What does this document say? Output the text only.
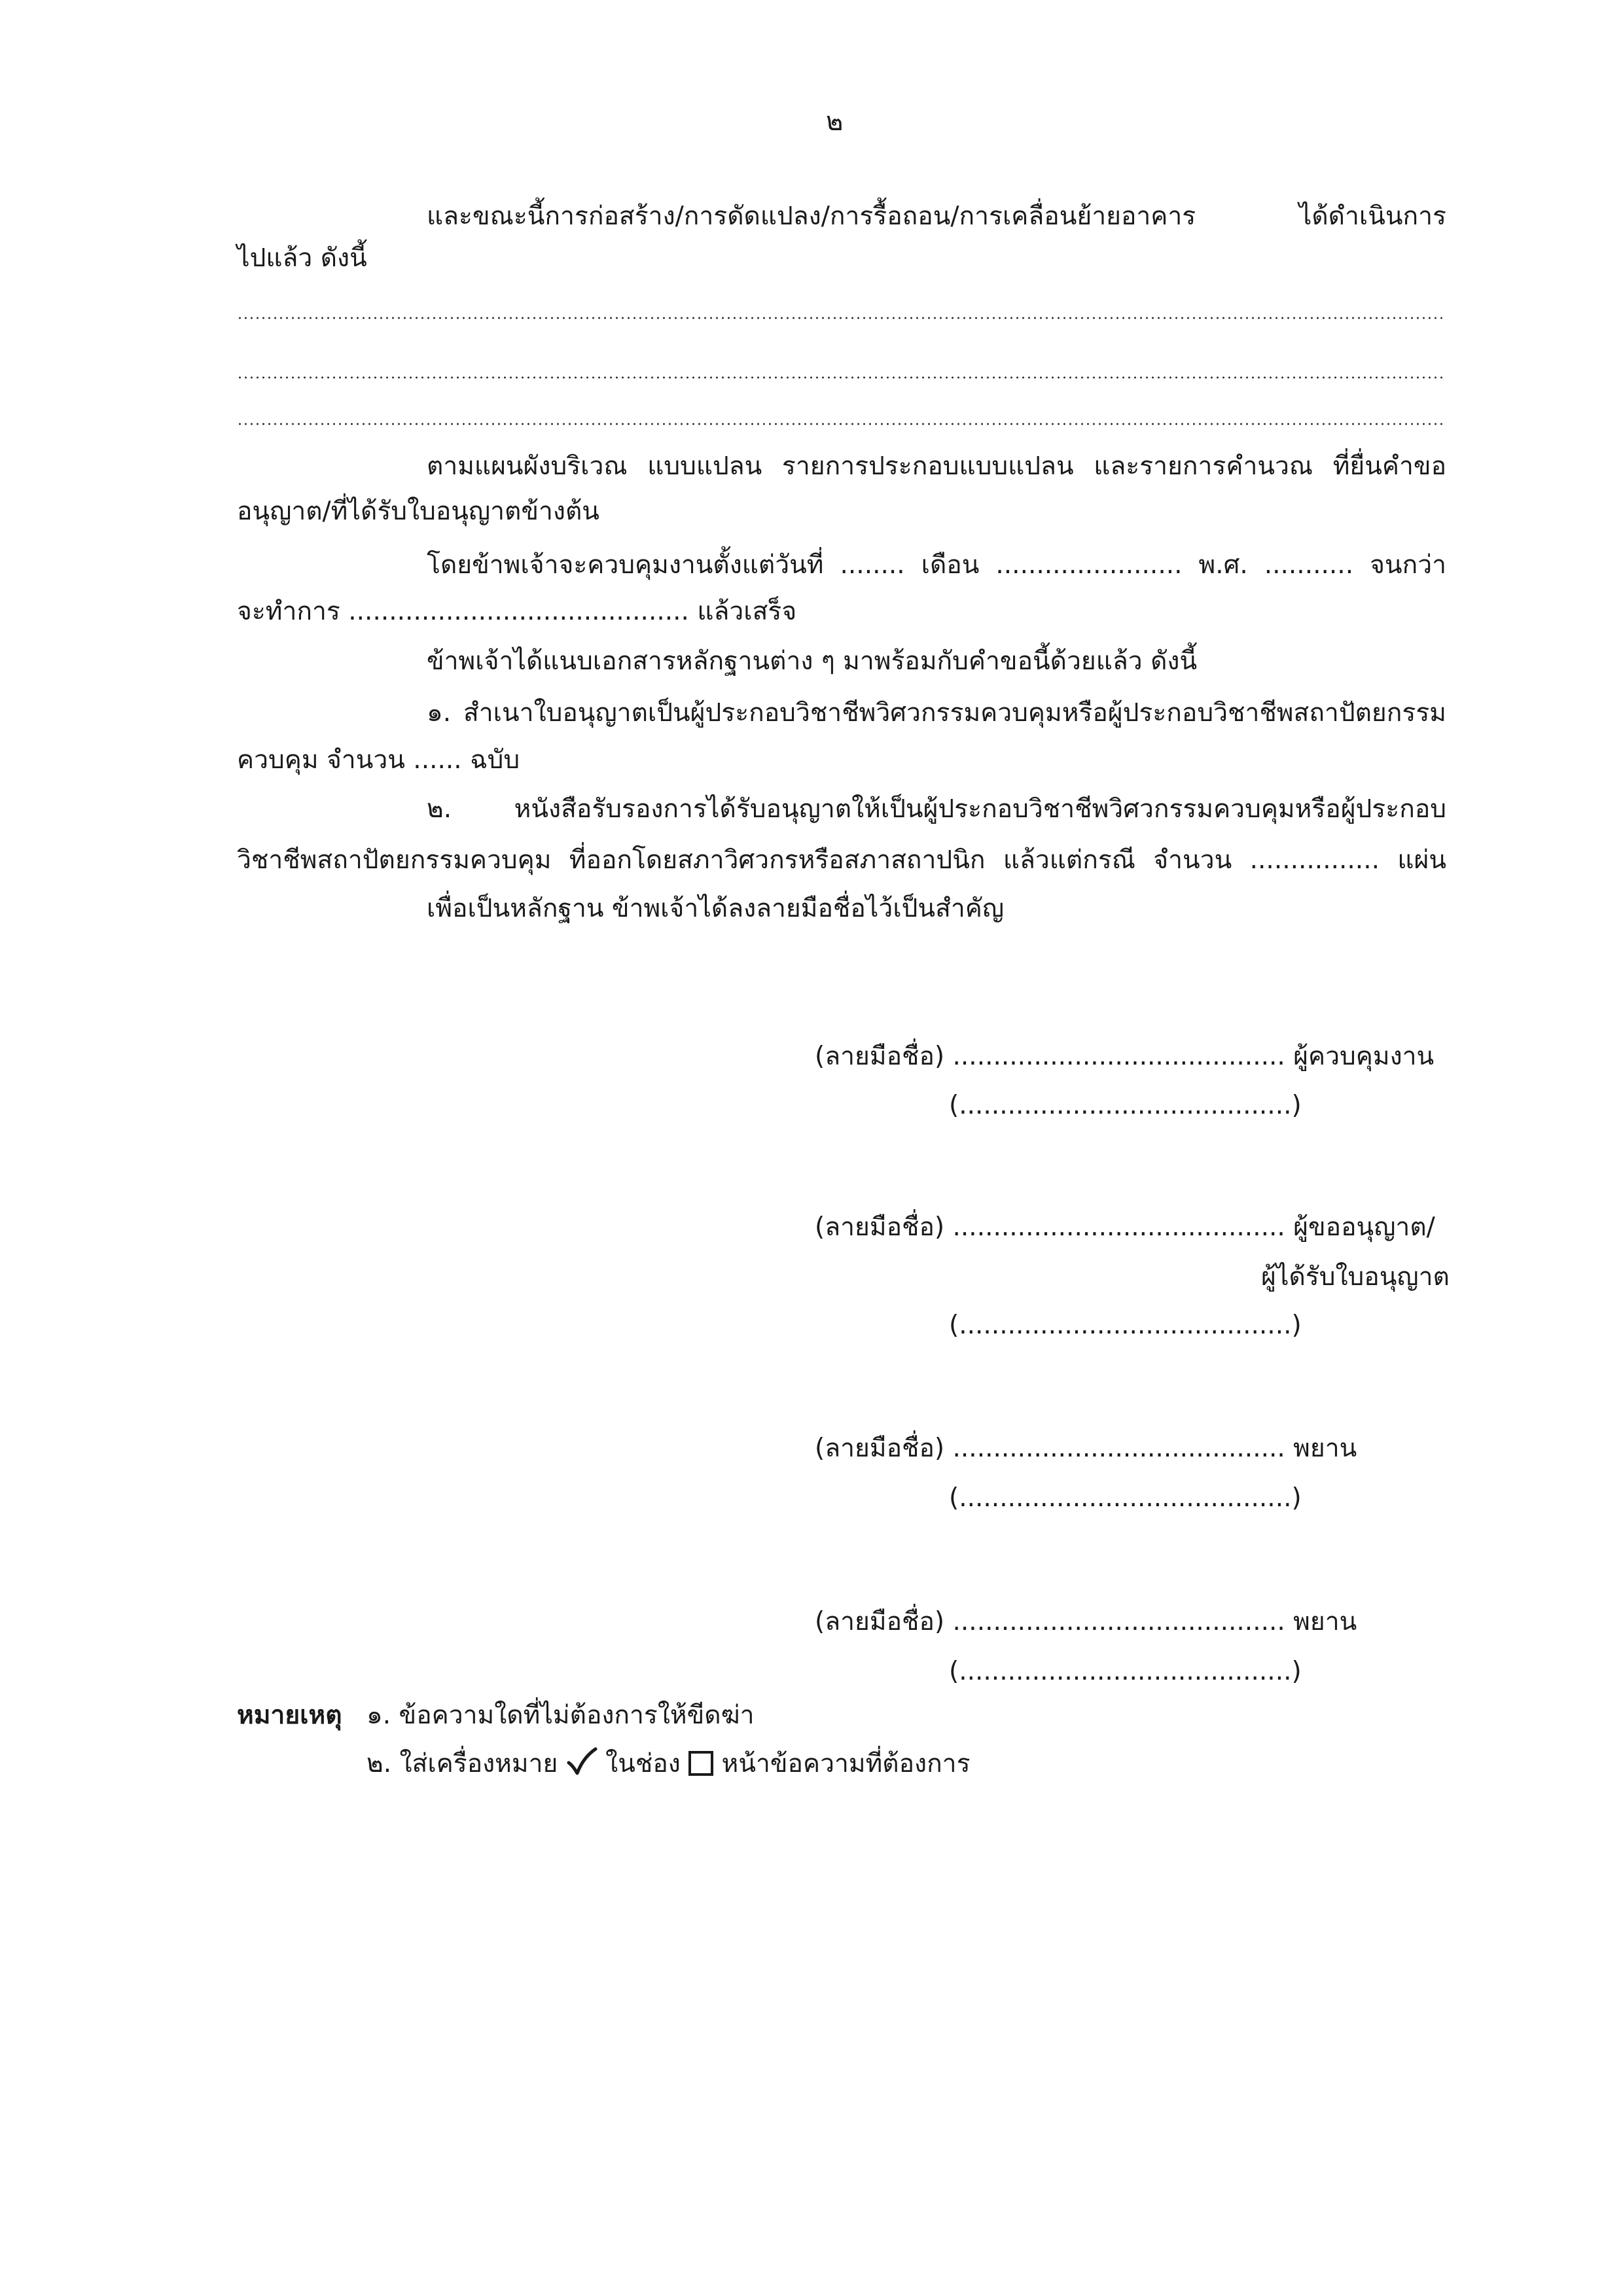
๒
และขณะนี้การก่อสร้าง/การดัดแปลง/การรื้อถอน/การเคลื่อนย้ายอาคาร ได้ดำเนินการ
ไปแล้ว ดังนี้
ตามแผนผังบริเวณ แบบแปลน รายการประกอบแบบแปลน และรายการคำนวณ ที่ยื่นคำขอ
อนุญาต/ที่ได้รับใบอนุญาตข้างต้น
โดยข้าพเจ้าจะควบคุมงานตั้งแต่วันที่ ........ เดือน ....................... พ.ศ. ........... จนกว่า
จะทำการ .......................................... แล้วเสร็จ
ข้าพเจ้าได้แนบเอกสารหลักฐานต่าง ๆ มาพร้อมกับคำขอนี้ด้วยแล้ว ดังนี้
๑. สำเนาใบอนุญาตเป็นผู้ประกอบวิชาชีพวิศวกรรมควบคุมหรือผู้ประกอบวิชาชีพสถาปัตยกรรม
ควบคุม จำนวน ...... ฉบับ
๒. หนังสือรับรองการได้รับอนุญาตให้เป็นผู้ประกอบวิชาชีพวิศวกรรมควบคุมหรือผู้ประกอบ
วิชาชีพสถาปัตยกรรมควบคุม ที่ออกโดยสภาวิศวกรหรือสภาสถาปนิก แล้วแต่กรณี จำนวน ................ แผ่น
เพื่อเป็นหลักฐาน ข้าพเจ้าได้ลงลายมือชื่อไว้เป็นสำคัญ
(ลายมือชื่อ) ......................................... ผู้ควบคุมงาน
(.........................................)
(ลายมือชื่อ) ......................................... ผู้ขออนุญาต/
ผู้ได้รับใบอนุญาต
(.........................................)
(ลายมือชื่อ) ......................................... พยาน
(.........................................)
(ลายมือชื่อ) ......................................... พยาน
(.........................................)
หมายเหตุ ๑. ข้อความใดที่ไม่ต้องการให้ขีดฆ่า
๒. ใส่เครื่องหมาย ในช่อง หน้าข้อความที่ต้องการ
